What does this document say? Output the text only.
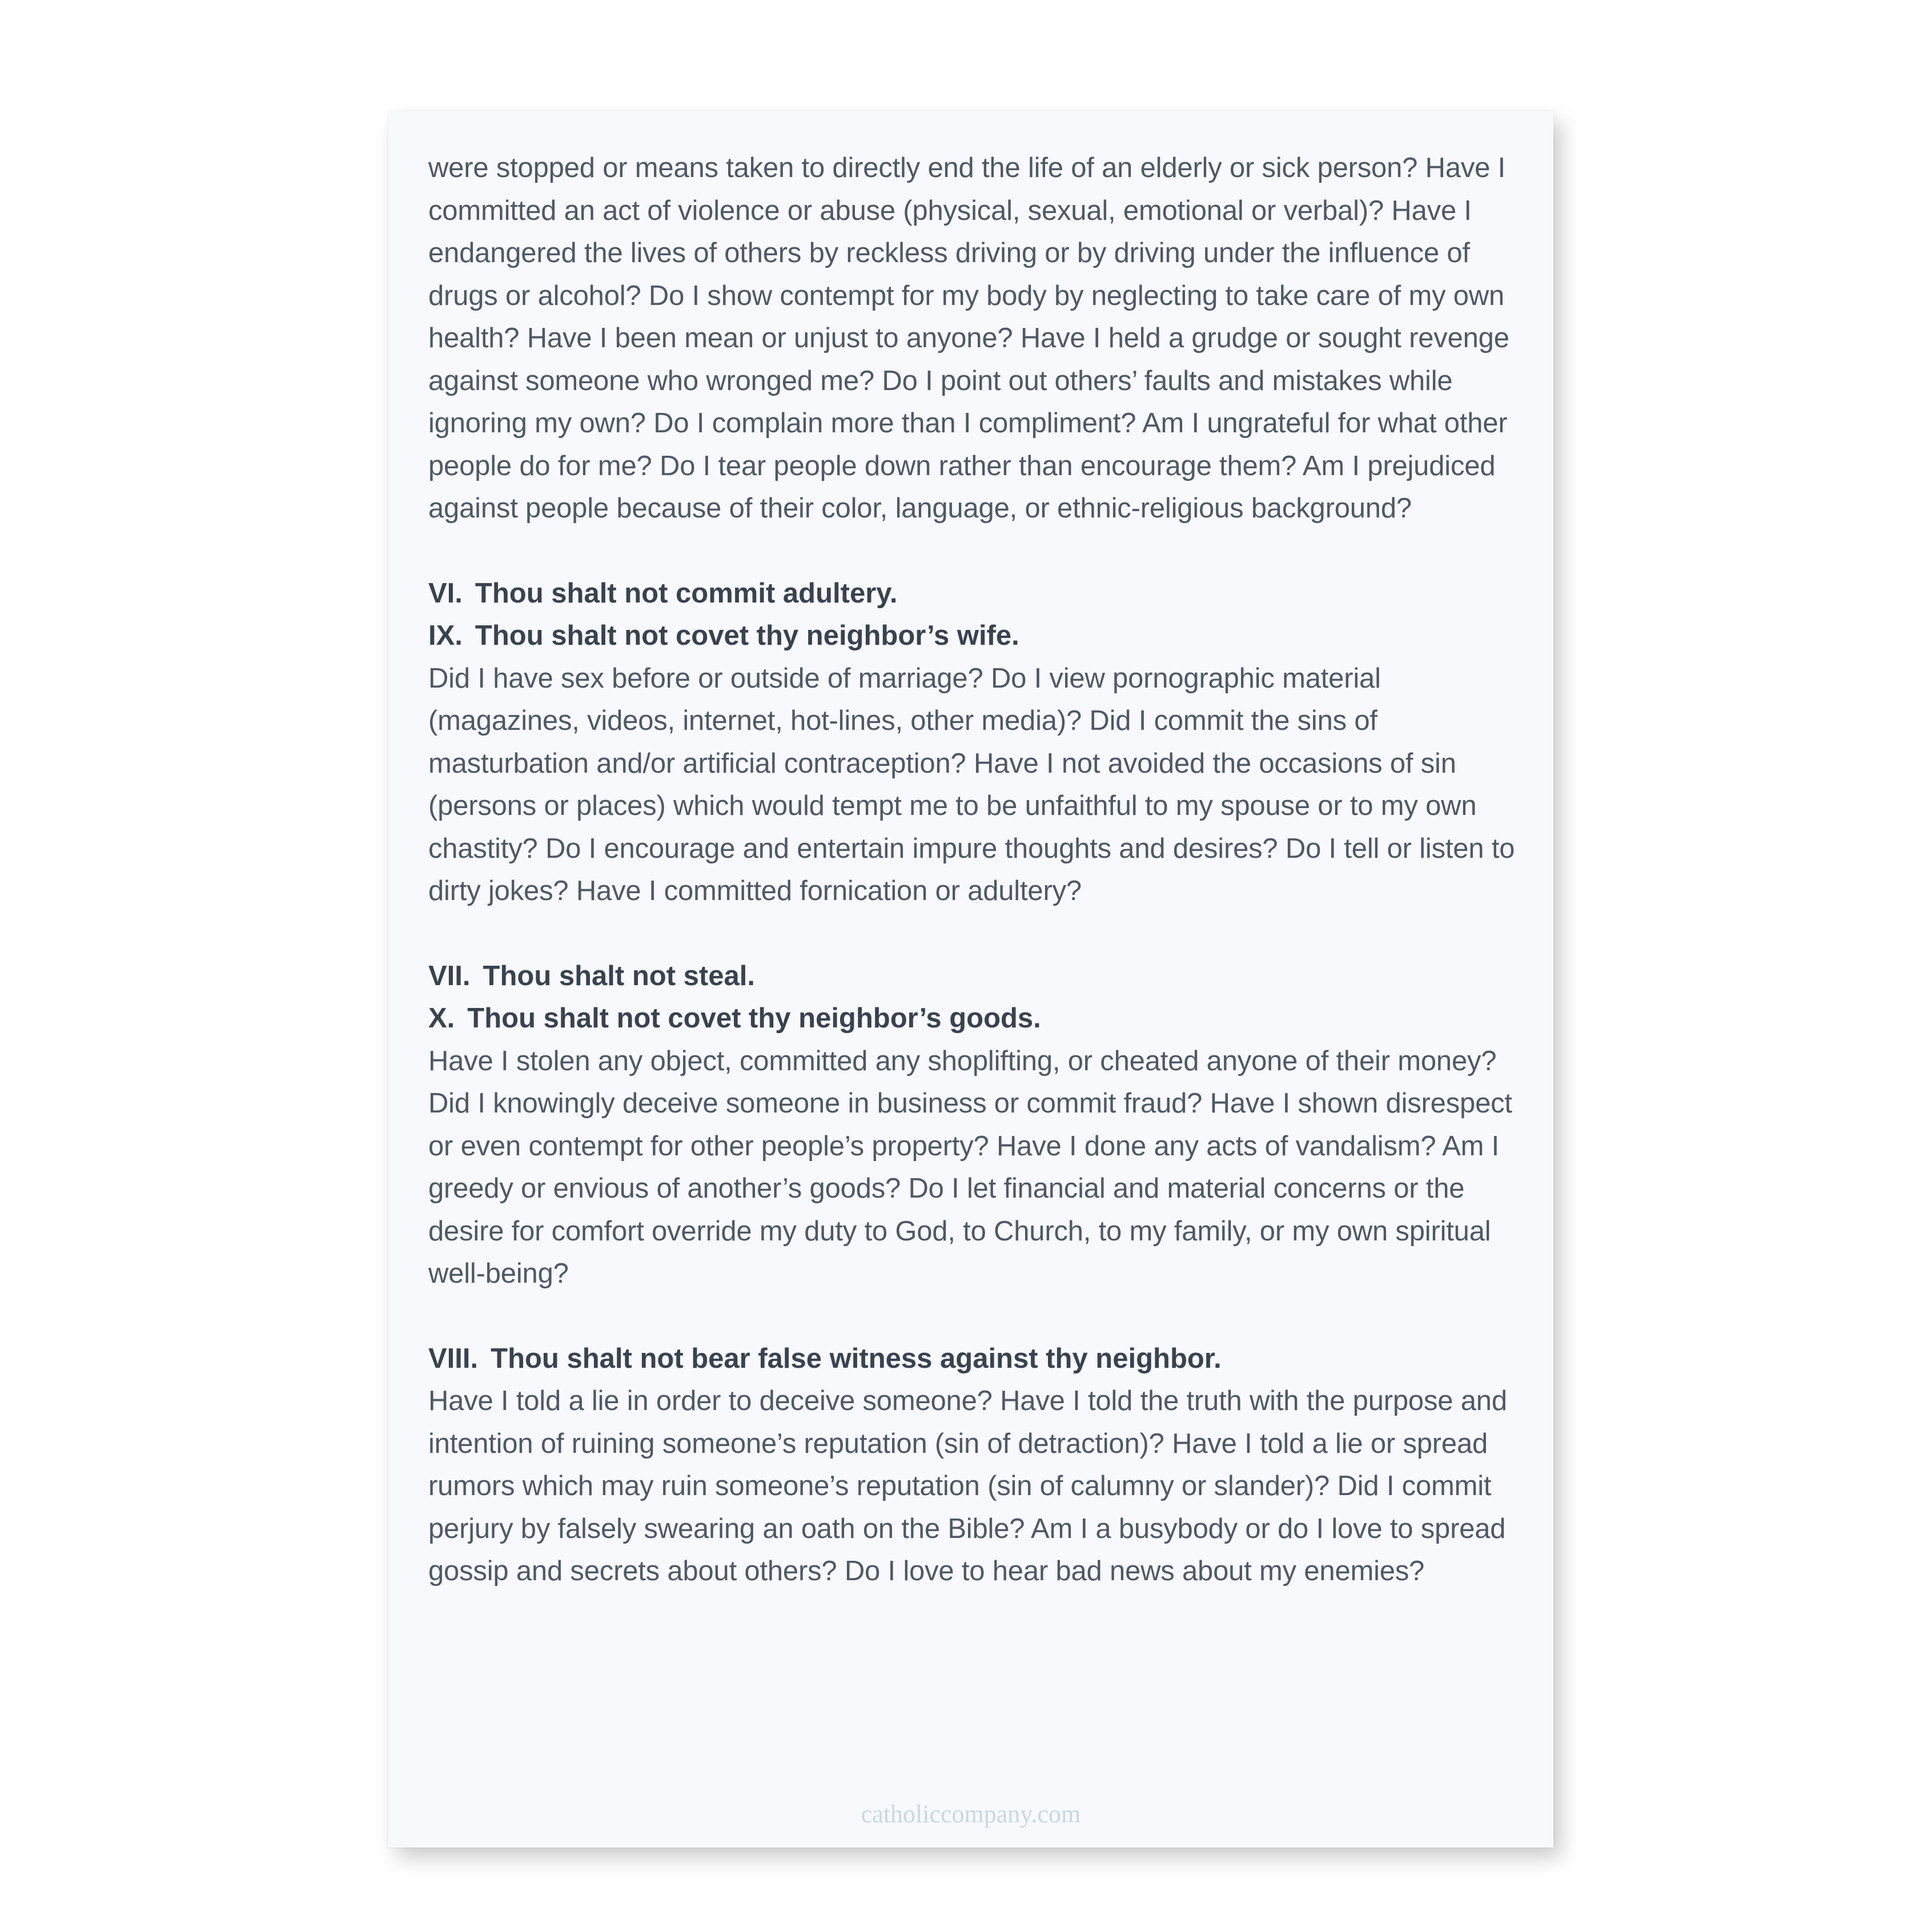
were stopped or means taken to directly end the life of an elderly or sick person? Have I committed an act of violence or abuse (physical, sexual, emotional or verbal)? Have I endangered the lives of others by reckless driving or by driving under the influence of drugs or alcohol? Do I show contempt for my body by neglecting to take care of my own health? Have I been mean or unjust to anyone? Have I held a grudge or sought revenge against someone who wronged me? Do I point out others’ faults and mistakes while ignoring my own? Do I complain more than I compliment? Am I ungrateful for what other people do for me? Do I tear people down rather than encourage them? Am I prejudiced against people because of their color, language, or ethnic-religious background?

VI. Thou shalt not commit adultery.

IX. Thou shalt not covet thy neighbor’s wife.

Did I have sex before or outside of marriage? Do I view pornographic material (magazines, videos, internet, hot-lines, other media)? Did I commit the sins of masturbation and/or artificial contraception? Have I not avoided the occasions of sin (persons or places) which would tempt me to be unfaithful to my spouse or to my own chastity? Do I encourage and entertain impure thoughts and desires? Do I tell or listen to dirty jokes? Have I committed fornication or adultery?

VII. Thou shalt not steal.

X. Thou shalt not covet thy neighbor’s goods.

Have I stolen any object, committed any shoplifting, or cheated anyone of their money? Did I knowingly deceive someone in business or commit fraud? Have I shown disrespect or even contempt for other people’s property? Have I done any acts of vandalism? Am I greedy or envious of another’s goods? Do I let financial and material concerns or the desire for comfort override my duty to God, to Church, to my family, or my own spiritual well-being?

VIII. Thou shalt not bear false witness against thy neighbor.

Have I told a lie in order to deceive someone? Have I told the truth with the purpose and intention of ruining someone’s reputation (sin of detraction)? Have I told a lie or spread rumors which may ruin someone’s reputation (sin of calumny or slander)? Did I commit perjury by falsely swearing an oath on the Bible? Am I a busybody or do I love to spread gossip and secrets about others? Do I love to hear bad news about my enemies?

catholiccompany.com
